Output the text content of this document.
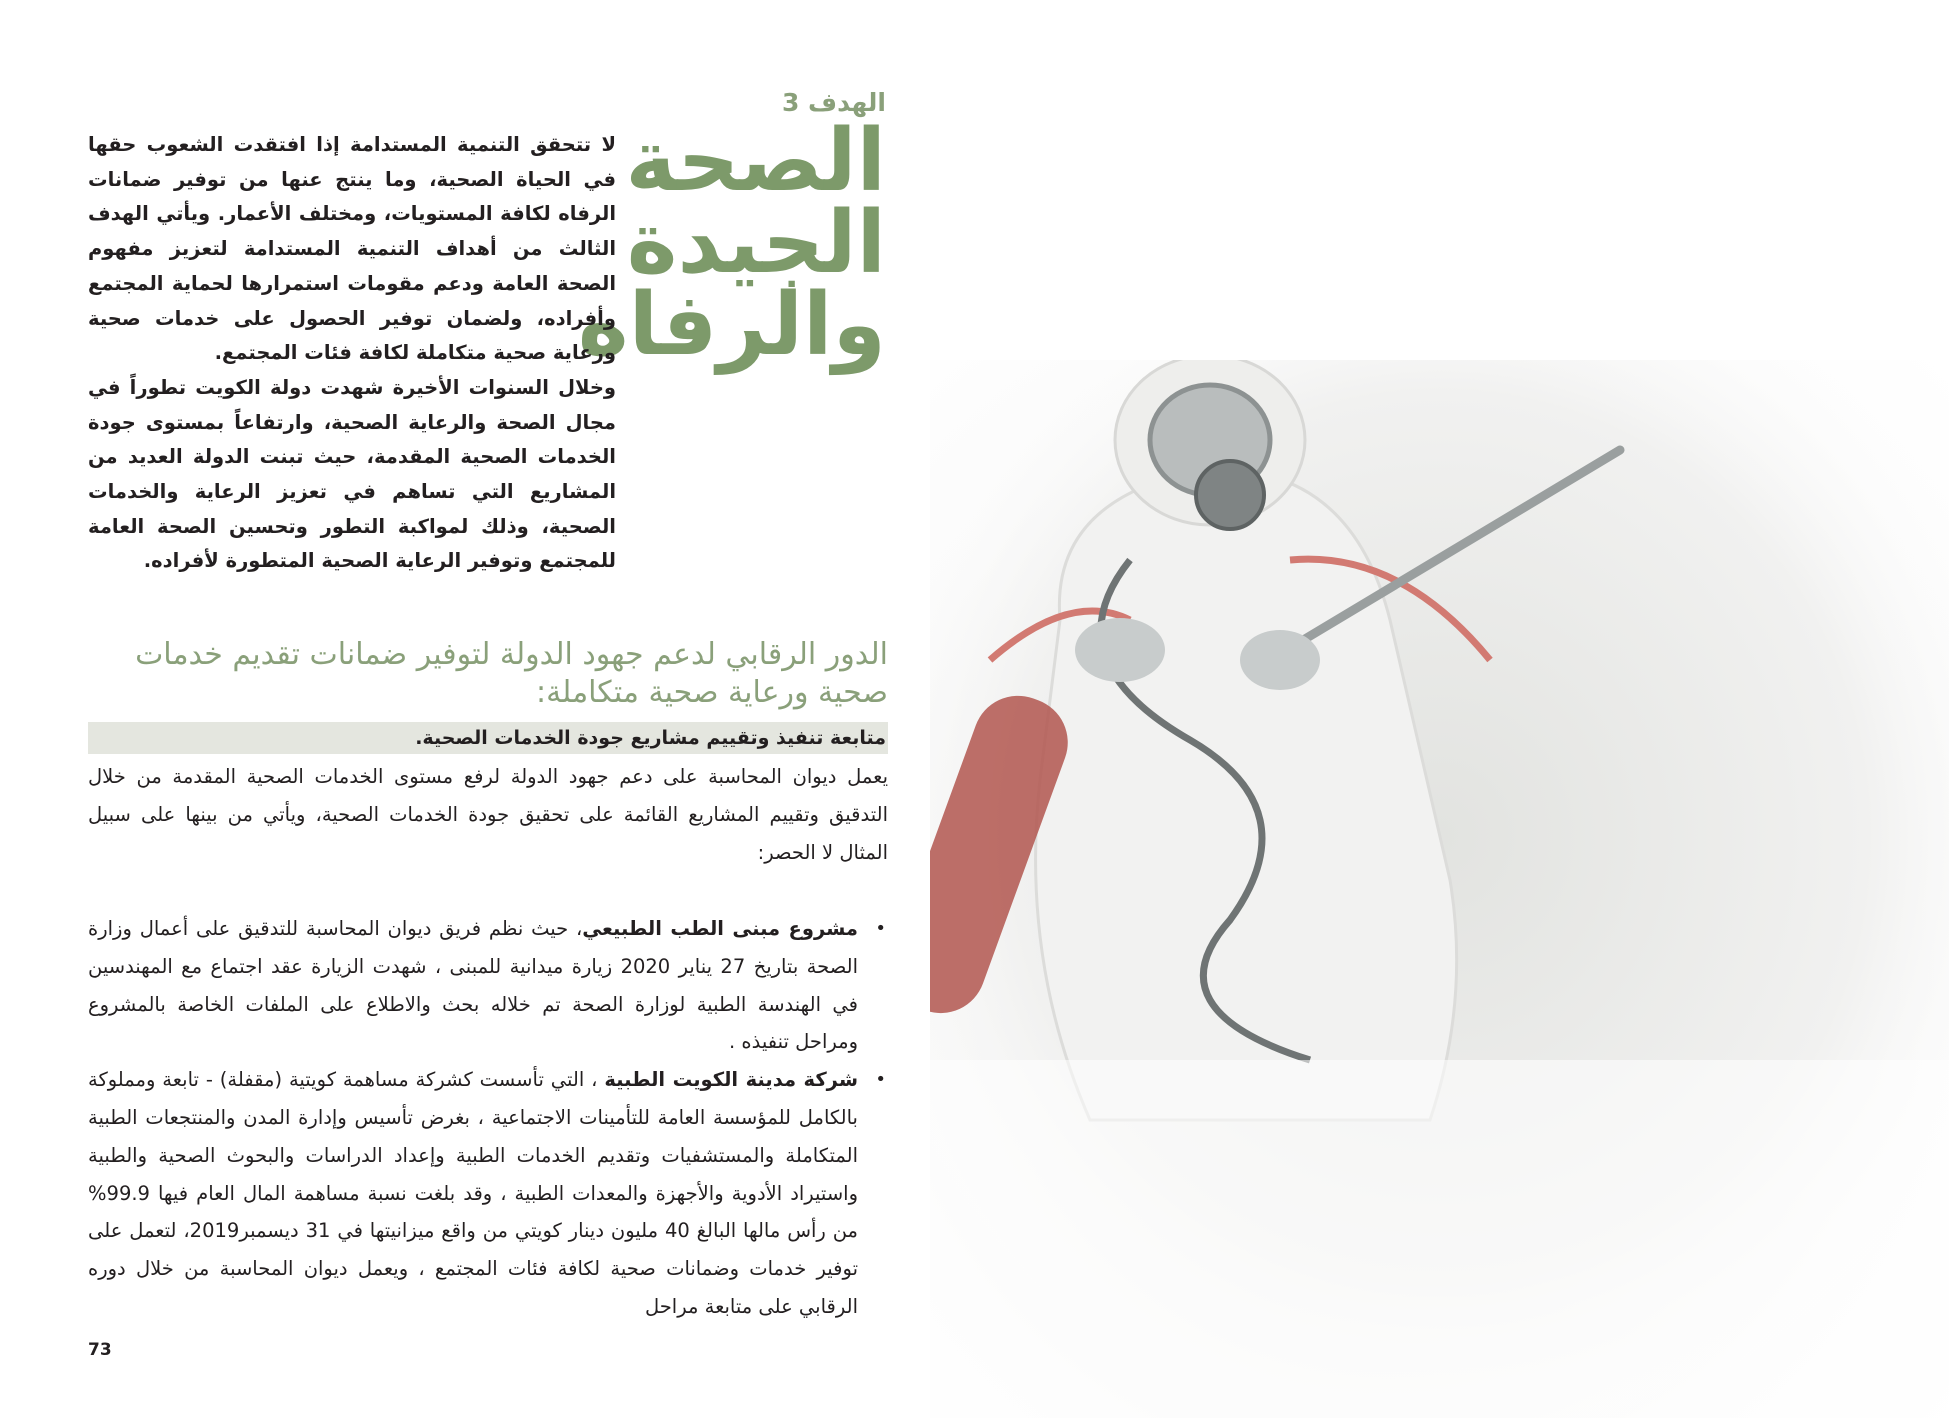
الهدف 3
الصحة
الجيدة
والرفاه

لا تتحقق التنمية المستدامة إذا افتقدت الشعوب حقها في الحياة الصحية، وما ينتج عنها من توفير ضمانات الرفاه لكافة المستويات، ومختلف الأعمار. ويأتي الهدف الثالث من أهداف التنمية المستدامة لتعزيز مفهوم الصحة العامة ودعم مقومات استمرارها لحماية المجتمع وأفراده، ولضمان توفير الحصول على خدمات صحية ورعاية صحية متكاملة لكافة فئات المجتمع.

وخلال السنوات الأخيرة شهدت دولة الكويت تطوراً في مجال الصحة والرعاية الصحية، وارتفاعاً بمستوى جودة الخدمات الصحية المقدمة، حيث تبنت الدولة العديد من المشاريع التي تساهم في تعزيز الرعاية والخدمات الصحية، وذلك لمواكبة التطور وتحسين الصحة العامة للمجتمع وتوفير الرعاية الصحية المتطورة لأفراده.

الدور الرقابي لدعم جهود الدولة لتوفير ضمانات تقديم خدمات صحية ورعاية صحية متكاملة:
متابعة تنفيذ وتقييم مشاريع جودة الخدمات الصحية.

يعمل ديوان المحاسبة على دعم جهود الدولة لرفع مستوى الخدمات الصحية المقدمة من خلال التدقيق وتقييم المشاريع القائمة على تحقيق جودة الخدمات الصحية، ويأتي من بينها على سبيل المثال لا الحصر:

•
مشروع مبنى الطب الطبيعي، حيث نظم فريق ديوان المحاسبة للتدقيق على أعمال وزارة الصحة بتاريخ 27 يناير 2020 زيارة ميدانية للمبنى ، شهدت الزيارة عقد اجتماع مع المهندسين في الهندسة الطبية لوزارة الصحة تم خلاله بحث والاطلاع على الملفات الخاصة بالمشروع ومراحل تنفيذه .
•
شركة مدينة الكويت الطبية ، التي تأسست كشركة مساهمة كويتية (مقفلة) - تابعة ومملوكة بالكامل للمؤسسة العامة للتأمينات الاجتماعية ، بغرض تأسيس وإدارة المدن والمنتجعات الطبية المتكاملة والمستشفيات وتقديم الخدمات الطبية وإعداد الدراسات والبحوث الصحية والطبية واستيراد الأدوية والأجهزة والمعدات الطبية ، وقد بلغت نسبة مساهمة المال العام فيها 99.9% من رأس مالها البالغ 40 مليون دينار كويتي من واقع ميزانيتها في 31 ديسمبر2019، لتعمل على توفير خدمات وضمانات صحية لكافة فئات المجتمع ، ويعمل ديوان المحاسبة من خلال دوره الرقابي على متابعة مراحل
73
